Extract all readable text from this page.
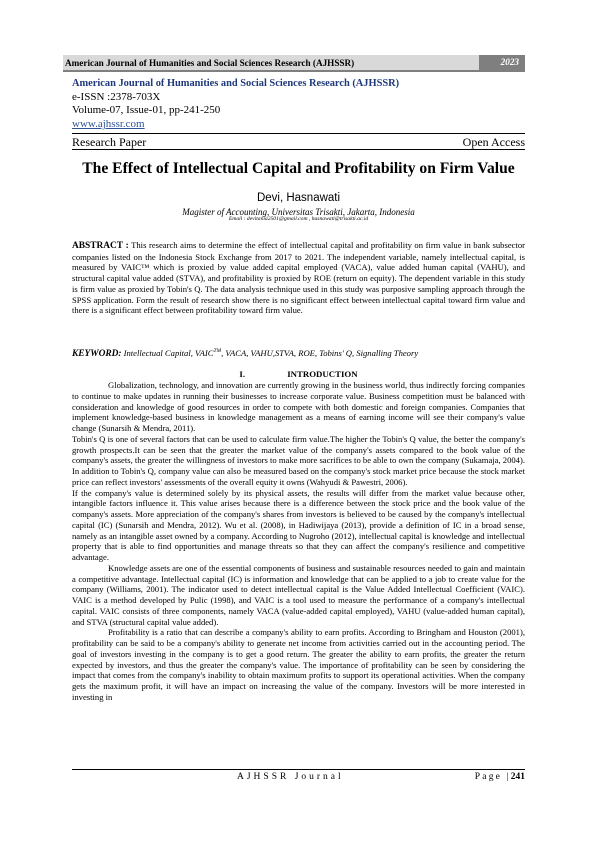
American Journal of Humanities and Social Sciences Research (AJHSSR)	2023
American Journal of Humanities and Social Sciences Research (AJHSSR)
e-ISSN :2378-703X
Volume-07, Issue-01, pp-241-250
www.ajhssr.com
Research Paper	Open Access
The Effect of Intellectual Capital and Profitability on Firm Value
Devi, Hasnawati
Magister of Accounting, Universitas Trisakti, Jakarta, Indonesia
Email : devitania2501@gmail.com , hasnawati@trisakti.ac.id
ABSTRACT : This research aims to determine the effect of intellectual capital and profitability on firm value in bank subsector companies listed on the Indonesia Stock Exchange from 2017 to 2021. The independent variable, namely intellectual capital, is measured by VAIC™ which is proxied by value added capital employed (VACA), value added human capital (VAHU), and structural capital value added (STVA), and profitability is proxied by ROE (return on equity). The dependent variable in this study is firm value as proxied by Tobin's Q. The data analysis technique used in this study was purposive sampling approach through the SPSS application. Form the result of research show there is no significant effect between intellectual capital toward firm value and there is a significant effect between profitability toward firm value.
KEYWORD: Intellectual Capital, VAIC™, VACA, VAHU,STVA, ROE, Tobins' Q, Signalling Theory
I.	INTRODUCTION

Globalization, technology, and innovation are currently growing in the business world, thus indirectly forcing companies to continue to make updates in running their businesses to increase corporate value. Business competition must be balanced with consideration and knowledge of good resources in order to compete with both domestic and foreign companies. Companies that implement knowledge-based business in knowledge management as a means of earning income will see their company's value change (Sunarsih & Mendra, 2011).

Tobin's Q is one of several factors that can be used to calculate firm value.The higher the Tobin's Q value, the better the company's growth prospects.It can be seen that the greater the market value of the company's assets compared to the book value of the company's assets, the greater the willingness of investors to make more sacrifices to be able to own the company (Sukamaja, 2004). In addition to Tobin's Q, company value can also be measured based on the company's stock market price because the stock market price can reflect investors' assessments of the overall equity it owns (Wahyudi & Pawestri, 2006).

If the company's value is determined solely by its physical assets, the results will differ from the market value because other, intangible factors influence it. This value arises because there is a difference between the stock price and the book value of the company's assets. More appreciation of the company's shares from investors is believed to be caused by the company's intellectual capital (IC) (Sunarsih and Mendra, 2012). Wu et al. (2008), in Hadiwijaya (2013), provide a definition of IC in a broad sense, namely as an intangible asset owned by a company. According to Nugroho (2012), intellectual capital is knowledge and intellectual property that is able to find opportunities and manage threats so that they can affect the company's resilience and competitive advantage.

Knowledge assets are one of the essential components of business and sustainable resources needed to gain and maintain a competitive advantage. Intellectual capital (IC) is information and knowledge that can be applied to a job to create value for the company (Williams, 2001). The indicator used to detect intellectual capital is the Value Added Intellectual Coefficient (VAIC). VAIC is a method developed by Pulic (1998), and VAIC is a tool used to measure the performance of a company's intellectual capital. VAIC consists of three components, namely VACA (value-added capital employed), VAHU (value-added human capital), and STVA (structural capital value added).

Profitability is a ratio that can describe a company's ability to earn profits. According to Bringham and Houston (2001), profitability can be said to be a company's ability to generate net income from activities carried out in the accounting period. The goal of investors investing in the company is to get a good return. The greater the ability to earn profits, the greater the return expected by investors, and thus the greater the company's value. The importance of profitability can be seen by considering the impact that comes from the company's inability to obtain maximum profits to support its operational activities. When the company gets the maximum profit, it will have an impact on increasing the value of the company. Investors will be more interested in investing in

AJHSSR Journal	Page |241
